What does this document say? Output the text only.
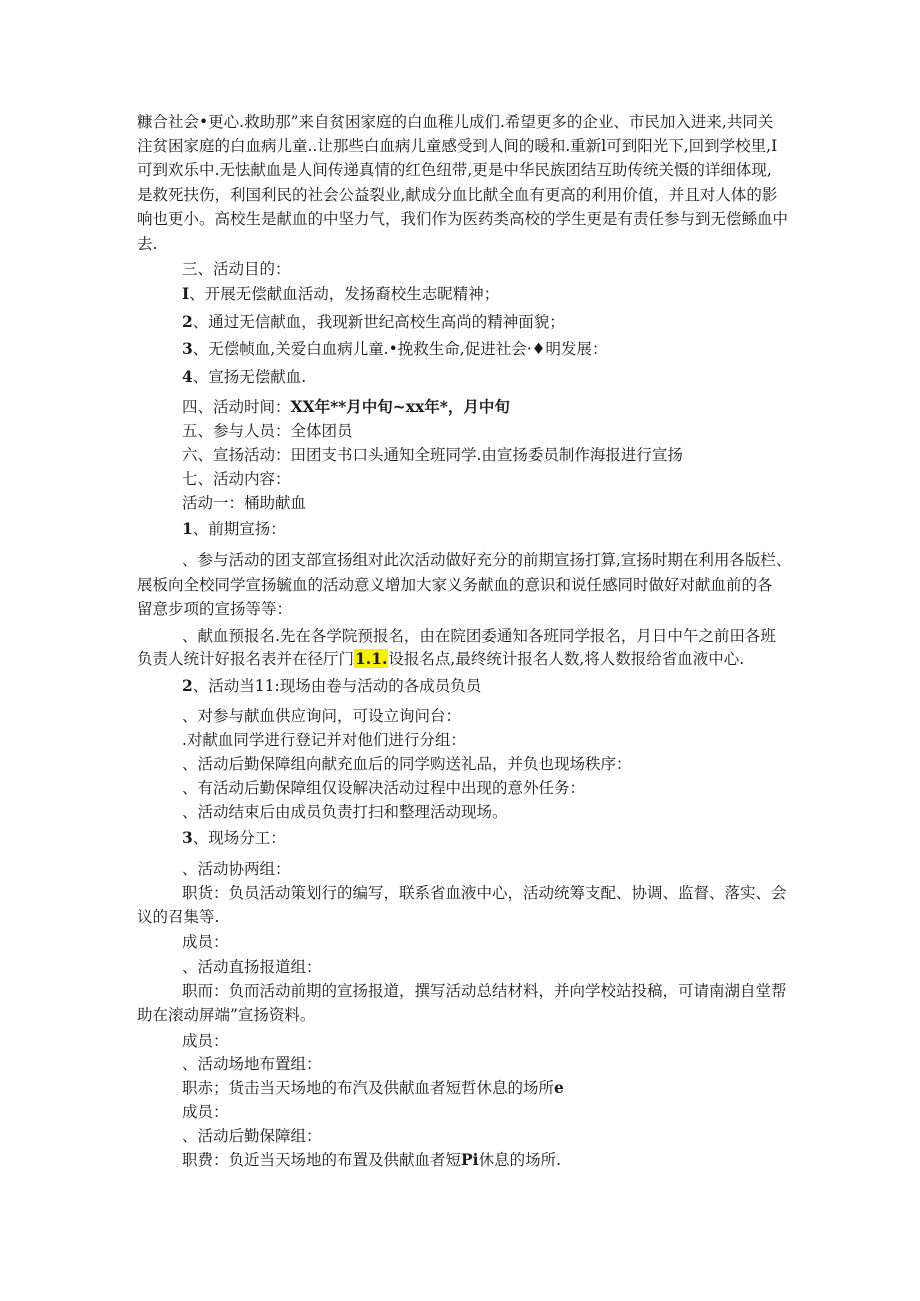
糠合社会•更心.救助那”来自贫困家庭的白血稚儿成们.希望更多的企业、市民加入进来,共同关
注贫困家庭的白血病儿童..让那些白血病儿童感受到人间的暖和.重新l可到阳光下,回到学校里,I
可到欢乐中.无怯献血是人间传递真情的红色纽带,更是中华民族团结互助传统关慑的详细体现,
是救死扶伤，利国利民的社会公益裂业,献成分血比献全血有更高的利用价值，并且对人体的影
响也更小。高校生是献血的中坚力气，我们作为医药类高校的学生更是有责任参与到无偿鲧血中
去.
三、活动目的：
I、开展无偿献血活动，发扬裔校生志昵精神；
2、通过无信献血，我现新世纪高校生高尚的精神面貌；
3、无偿帧血,关爱白血病儿童.•挽救生命,促进社会·♦明发展：
4、宣扬无偿献血.
四、活动时间：XX年**月中旬~xx年*，月中旬
五、参与人员：全体团员
六、宣扬活动：田团支书口头通知全班同学.由宣扬委员制作海报进行宣扬
七、活动内容：
活动一：桶助献血
1、前期宣扬：
、参与活动的团支部宣扬组对此次活动做好充分的前期宣扬打算,宣扬时期在利用各版栏、
展板向全校同学宣扬毓血的活动意义增加大家义务献血的意识和说任感同时做好对献血前的各
留意步项的宣扬等等：
、献血预报名.先在各学院预报名，由在院团委通知各班同学报名，月日中午之前田各班
负责人统计好报名表并在径厅门1.1.设报名点,最终统计报名人数,将人数报给省血液中心.
2、活动当11:现场由卷与活动的各成员负员
、对参与献血供应询问，可设立询问台：
.对献血同学进行登记并对他们进行分组：
、活动后勤保障组向献充血后的同学购送礼品，并负也现场秩序：
、有活动后勤保障组仅设解决活动过程中出现的意外任务：
、活动结束后由成员负责打扫和整理活动现场。
3、现场分工：
、活动协两组：
职货：负员活动策划行的编写，联系省血液中心，活动统筹支配、协调、监督、落实、会
议的召集等.
成员：
、活动直扬报道组：
职而：负而活动前期的宣扬报道，撰写活动总结材料，并向学校站投稿，可请南湖自堂帮
助在滚动屏端”宣扬资料。
成员：
、活动场地布置组：
职赤；货击当天场地的布汽及供献血者短哲休息的场所e
成员：
、活动后勤保障组：
职费：负近当天场地的布置及供献血者短Pi休息的场所.
